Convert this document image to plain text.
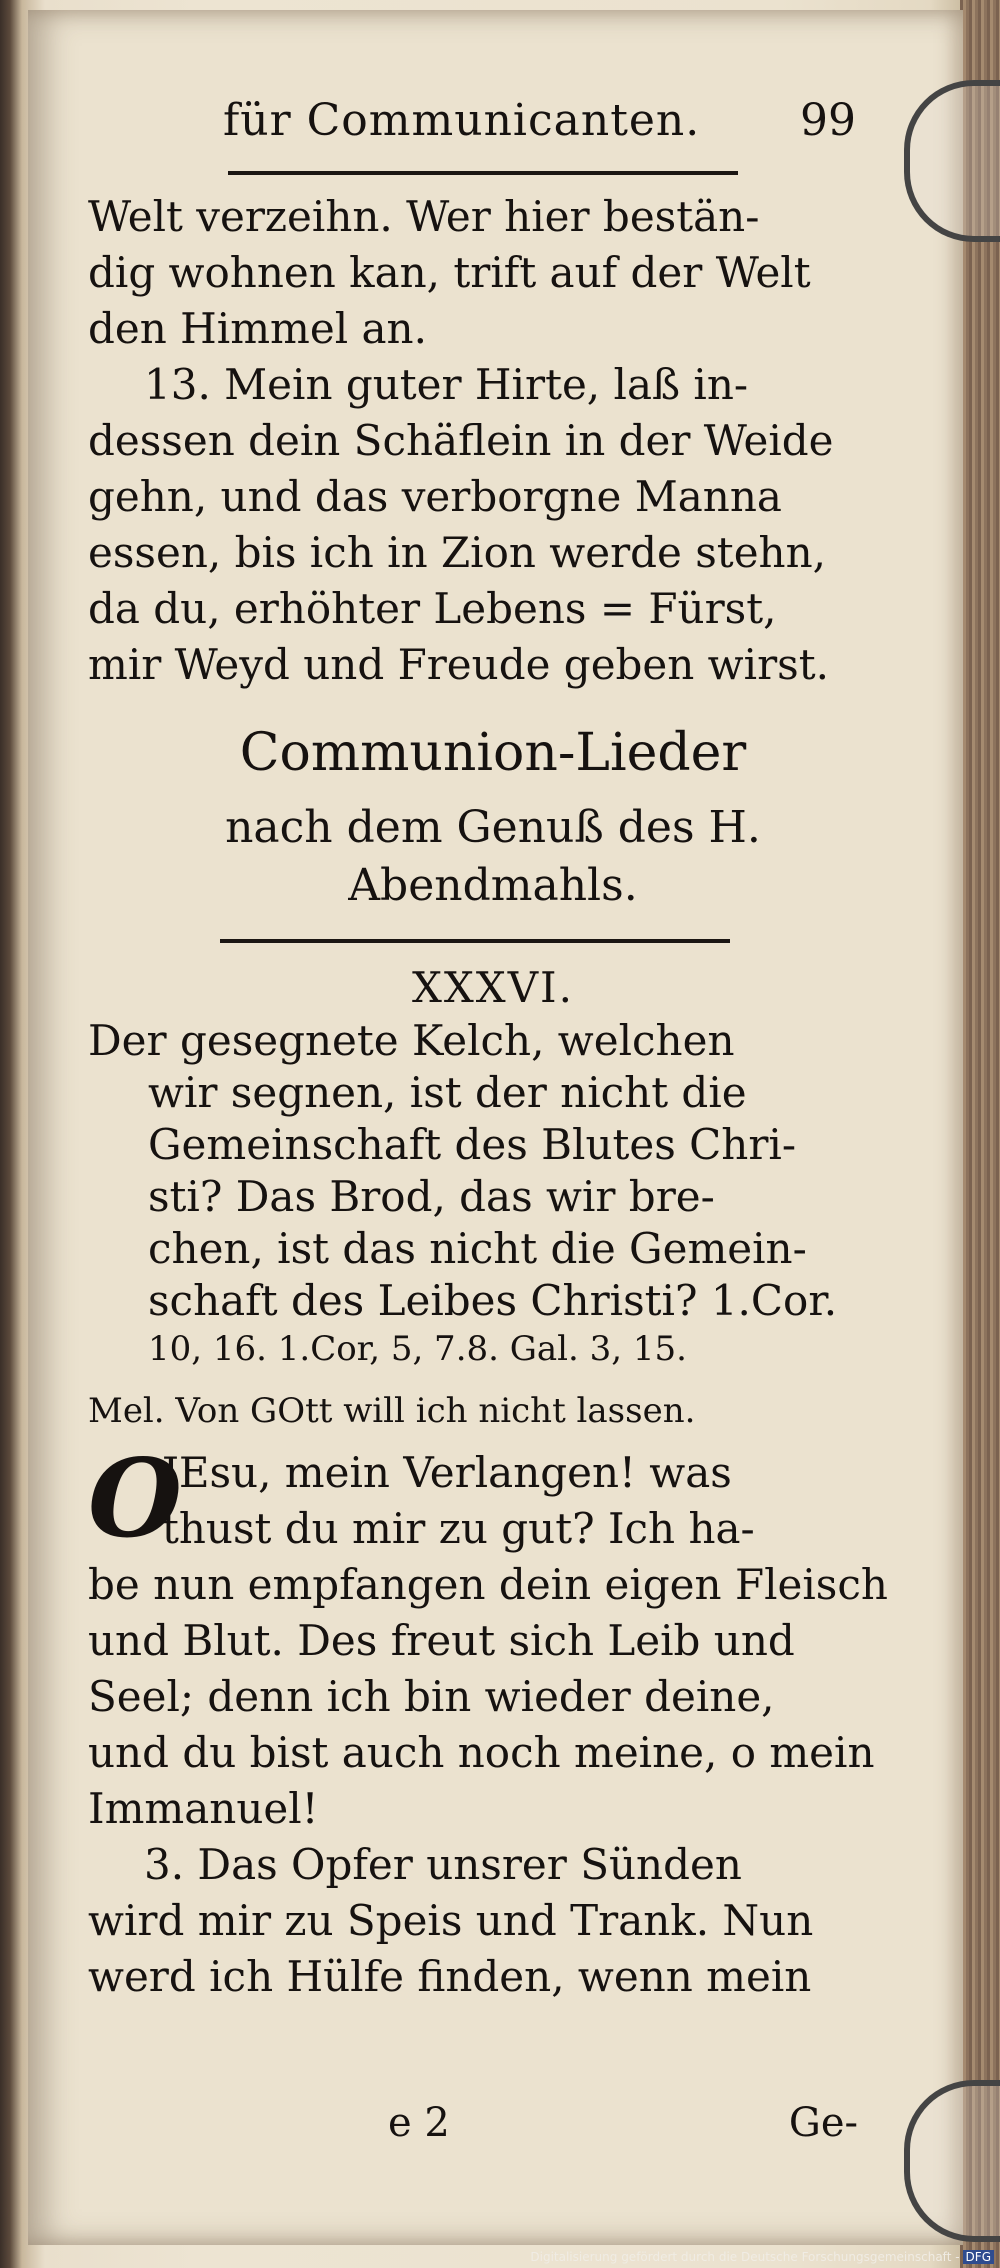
für Communicanten. 99
Welt verzeihn. Wer hier bestän-
dig wohnen kan, trift auf der Welt
den Himmel an.
13. Mein guter Hirte, laß in-
dessen dein Schäflein in der Weide
gehn, und das verborgne Manna
essen, bis ich in Zion werde stehn,
da du, erhöhter Lebens = Fürst,
mir Weyd und Freude geben wirst.
Communion-Lieder
nach dem Genuß des H.
Abendmahls.
XXXVI.
Der gesegnete Kelch, welchen
wir segnen, ist der nicht die
Gemeinschaft des Blutes Chri-
sti? Das Brod, das wir bre-
chen, ist das nicht die Gemein-
schaft des Leibes Christi? 1.Cor.
10, 16. 1.Cor, 5, 7.8. Gal. 3, 15.
Mel. Von GOtt will ich nicht lassen.
O
JEsu, mein Verlangen! was
thust du mir zu gut? Ich ha-
be nun empfangen dein eigen Fleisch
und Blut. Des freut sich Leib und
Seel; denn ich bin wieder deine,
und du bist auch noch meine, o mein
Immanuel!
3. Das Opfer unsrer Sünden
wird mir zu Speis und Trank. Nun
werd ich Hülfe finden, wenn mein
e 2	Ge-
Digitalisierung gefördert durch die Deutsche Forschungsgemeinschaft - DFG
